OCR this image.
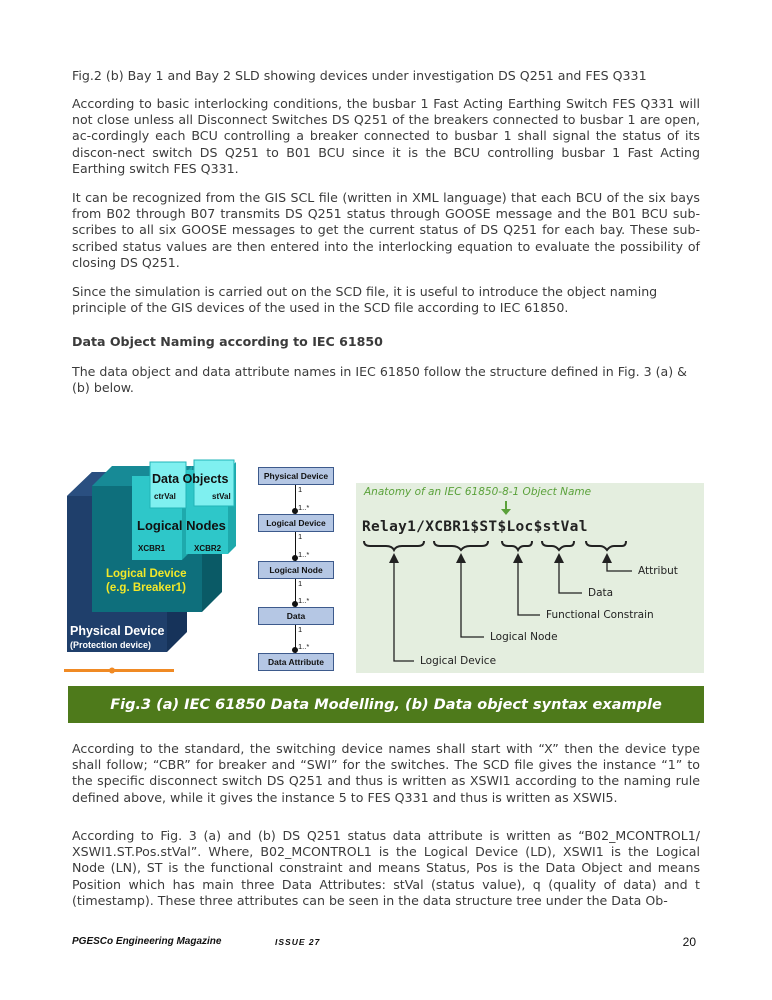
Fig.2 (b) Bay 1 and Bay 2 SLD showing devices under investigation DS Q251 and FES Q331

According to basic interlocking conditions, the busbar 1 Fast Acting Earthing Switch FES Q331 will not close unless all Disconnect Switches DS Q251 of the breakers connected to busbar 1 are open, ac-cordingly each BCU controlling a breaker connected to busbar 1 shall signal the status of its discon-nect switch DS Q251 to B01 BCU since it is the BCU controlling busbar 1 Fast Acting Earthing switch FES Q331.

It can be recognized from the GIS SCL file (written in XML language) that each BCU of the six bays from B02 through B07 transmits DS Q251 status through GOOSE message and the B01 BCU sub-scribes to all six GOOSE messages to get the current status of DS Q251 for each bay. These sub-scribed status values are then entered into the interlocking equation to evaluate the possibility of closing DS Q251.

Since the simulation is carried out on the SCD file, it is useful to introduce the object naming principle of the GIS devices of the used in the SCD file according to IEC 61850.

Data Object Naming according to IEC 61850

The data object and data attribute names in IEC 61850 follow the structure defined in Fig. 3 (a) & (b) below.

Data Objects
ctrVal	stVal
Logical Nodes
XCBR1	XCBR2
Logical Device
(e.g. Breaker1)
Physical Device
(Protection device)
Physical Device
1
1..*
Logical Device
1
1..*
Logical Node
1
1..*
Data
1
1..*
Data Attribute
Anatomy of an IEC 61850-8-1 Object Name
Relay1/XCBR1$ST$Loc$stVal
Attribut
Data
Functional Constrain
Logical Node
Logical Device
Fig.3 (a) IEC 61850 Data Modelling, (b) Data object syntax example

According to the standard, the switching device names shall start with “X” then the device type shall follow; “CBR” for breaker and “SWI” for the switches. The SCD file gives the instance “1” to the specific disconnect switch DS Q251 and thus is written as XSWI1 according to the naming rule defined above, while it gives the instance 5 to FES Q331 and thus is written as XSWI5.

According to Fig. 3 (a) and (b) DS Q251 status data attribute is written as “B02_MCONTROL1/ XSWI1.ST.Pos.stVal”. Where, B02_MCONTROL1 is the Logical Device (LD), XSWI1 is the Logical Node (LN), ST is the functional constraint and means Status, Pos is the Data Object and means Position which has main three Data Attributes: stVal (status value), q (quality of data) and t (timestamp). These three attributes can be seen in the data structure tree under the Data Ob-

PGESCo Engineering Magazine	ISSUE 27	20
